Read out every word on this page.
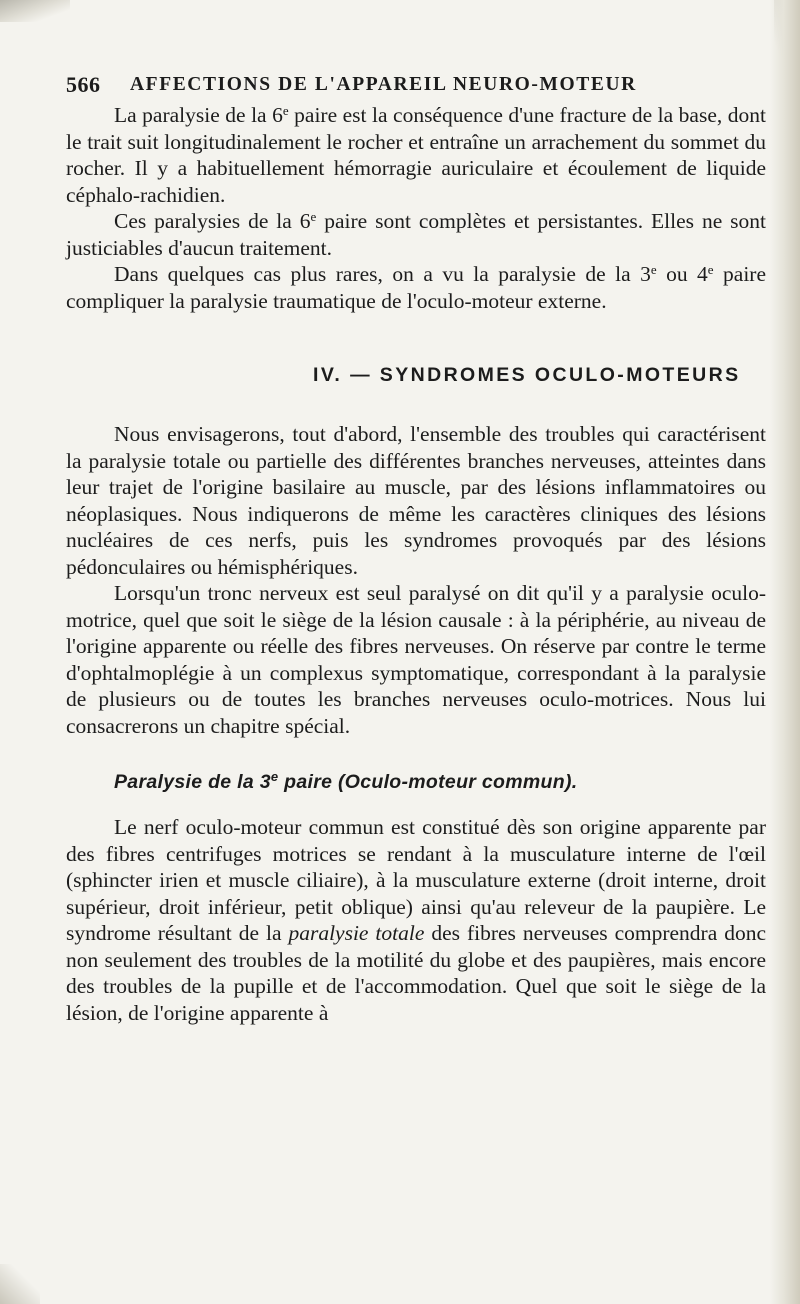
566 AFFECTIONS DE L'APPAREIL NEURO-MOTEUR

La paralysie de la 6e paire est la conséquence d'une fracture de la base, dont le trait suit longitudinalement le rocher et entraîne un arrachement du sommet du rocher. Il y a habituellement hémorragie auriculaire et écoulement de liquide céphalo-rachidien.

Ces paralysies de la 6e paire sont complètes et persistantes. Elles ne sont justiciables d'aucun traitement.

Dans quelques cas plus rares, on a vu la paralysie de la 3e ou 4e paire compliquer la paralysie traumatique de l'oculo-moteur externe.

IV. — SYNDROMES OCULO-MOTEURS

Nous envisagerons, tout d'abord, l'ensemble des troubles qui caractérisent la paralysie totale ou partielle des différentes branches nerveuses, atteintes dans leur trajet de l'origine basilaire au muscle, par des lésions inflammatoires ou néoplasiques. Nous indiquerons de même les caractères cliniques des lésions nucléaires de ces nerfs, puis les syndromes provoqués par des lésions pédonculaires ou hémisphériques.

Lorsqu'un tronc nerveux est seul paralysé on dit qu'il y a paralysie oculo-motrice, quel que soit le siège de la lésion causale : à la périphérie, au niveau de l'origine apparente ou réelle des fibres nerveuses. On réserve par contre le terme d'ophtalmoplégie à un complexus symptomatique, correspondant à la paralysie de plusieurs ou de toutes les branches nerveuses oculo-motrices. Nous lui consacrerons un chapitre spécial.

Paralysie de la 3e paire (Oculo-moteur commun).

Le nerf oculo-moteur commun est constitué dès son origine apparente par des fibres centrifuges motrices se rendant à la musculature interne de l'œil (sphincter irien et muscle ciliaire), à la musculature externe (droit interne, droit supérieur, droit inférieur, petit oblique) ainsi qu'au releveur de la paupière. Le syndrome résultant de la paralysie totale des fibres nerveuses comprendra donc non seulement des troubles de la motilité du globe et des paupières, mais encore des troubles de la pupille et de l'accommodation. Quel que soit le siège de la lésion, de l'origine apparente à
